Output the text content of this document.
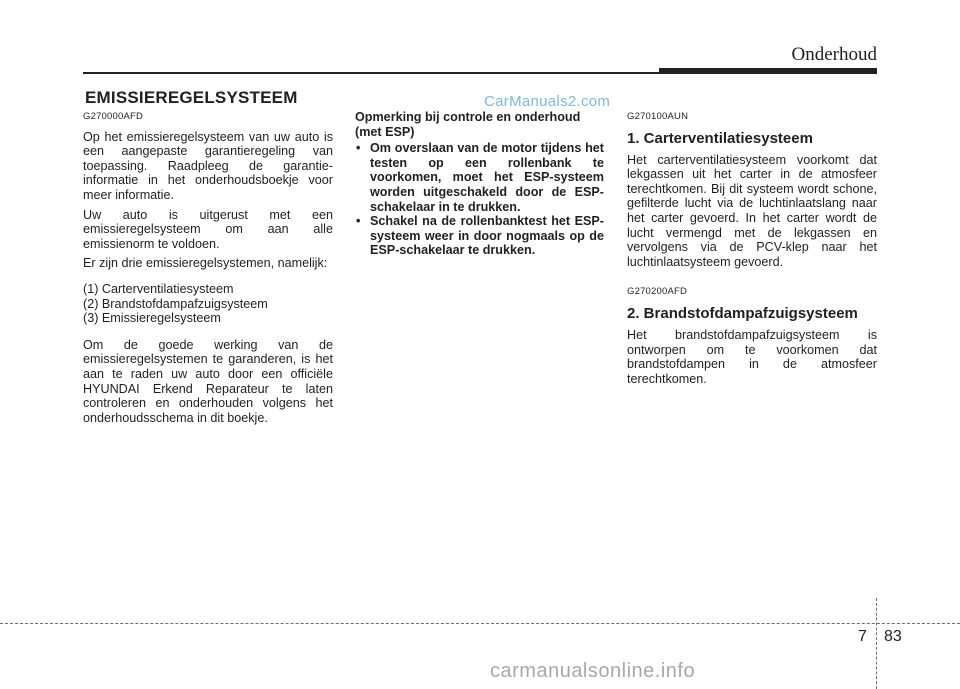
Onderhoud
EMISSIEREGELSYSTEEM	CarManuals2.com
G270000AFD
Op het emissieregelsysteem van uw auto is een aangepaste garantieregeling van toepassing. Raadpleeg de garantie-informatie in het onderhoudsboekje voor meer informatie.
Uw auto is uitgerust met een emissieregelsysteem om aan alle emissienorm te voldoen.
Er zijn drie emissieregelsystemen, namelijk:
(1) Carterventilatiesysteem
(2) Brandstofdampafzuigsysteem
(3) Emissieregelsysteem
Om de goede werking van de emissieregelsystemen te garanderen, is het aan te raden uw auto door een officiële HYUNDAI Erkend Reparateur te laten controleren en onderhouden volgens het onderhoudsschema in dit boekje.
Opmerking bij controle en onderhoud (met ESP)
• Om overslaan van de motor tijdens het testen op een rollenbank te voorkomen, moet het ESP-systeem worden uitgeschakeld door de ESP-schakelaar in te drukken.
• Schakel na de rollenbanktest het ESP-systeem weer in door nogmaals op de ESP-schakelaar te drukken.
G270100AUN
1. Carterventilatiesysteem
Het carterventilatiesysteem voorkomt dat lekgassen uit het carter in de atmosfeer terechtkomen. Bij dit systeem wordt schone, gefilterde lucht via de luchtinlaatslang naar het carter gevoerd. In het carter wordt de lucht vermengd met de lekgassen en vervolgens via de PCV-klep naar het luchtinlaatsysteem gevoerd.
G270200AFD
2. Brandstofdampafzuigsysteem
Het brandstofdampafzuigsysteem is ontworpen om te voorkomen dat brandstofdampen in de atmosfeer terechtkomen.
7 83
carmanualsonline.info
